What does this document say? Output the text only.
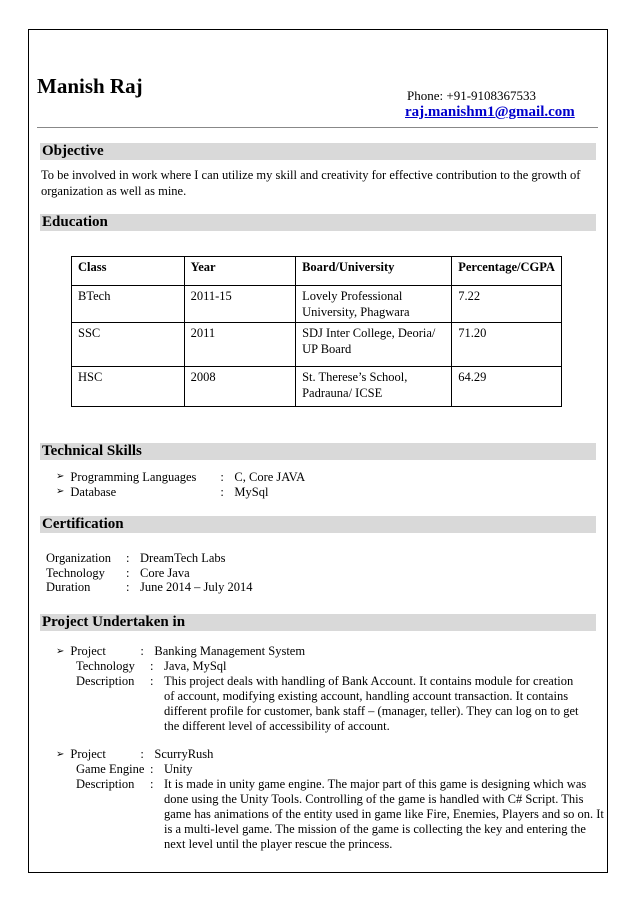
Manish Raj	Phone: +91-9108367533
raj.manishm1@gmail.com
Objective
To be involved in work where I can utilize my skill and creativity for effective contribution to the growth of organization as well as mine.
Education
Class	Year	Board/University	Percentage/CGPA
BTech	2011-15	Lovely Professional University, Phagwara	7.22
SSC	2011	SDJ Inter College, Deoria/ UP Board	71.20
HSC	2008	St. Therese’s School, Padrauna/ ICSE	64.29
Technical Skills
➢ Programming Languages	: C, Core JAVA
➢ Database	: MySql
Certification
Organization	: DreamTech Labs
Technology	: Core Java
Duration	: June 2014 – July 2014
Project Undertaken in
➢ Project	: Banking Management System
Technology	: Java, MySql
Description	: This project deals with handling of Bank Account. It contains module for creation of account, modifying existing account, handling account transaction. It contains different profile for customer, bank staff – (manager, teller). They can log on to get the different level of accessibility of account.
➢ Project	: ScurryRush
Game Engine : Unity
Description	: It is made in unity game engine. The major part of this game is designing which was done using the Unity Tools. Controlling of the game is handled with C# Script. This game has animations of the entity used in game like Fire, Enemies, Players and so on. It is a multi-level game. The mission of the game is collecting the key and entering the next level until the player rescue the princess.
